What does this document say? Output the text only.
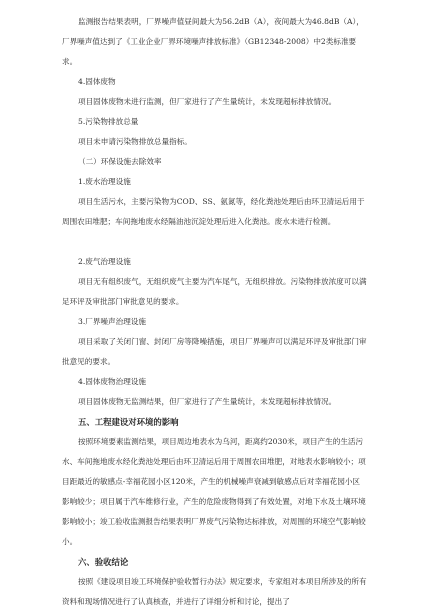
监测报告结果表明，厂界噪声值昼间最大为56.2dB（A），夜间最大为46.8dB（A），厂界噪声值达到了《工业企业厂界环境噪声排放标准》（GB12348-2008）中2类标准要求。

4.固体废物

项目固体废物未进行监测，但厂家进行了产生量统计，未发现超标排放情况。

5.污染物排放总量

项目未申请污染物排放总量指标。

（二）环保设施去除效率

1.废水治理设施

项目生活污水，主要污染物为COD、SS、氨氮等，经化粪池处理后由环卫清运后用于周围农田堆肥；车间拖地废水经隔油池沉淀处理后进入化粪池。废水未进行检测。

2.废气治理设施

项目无有组织废气，无组织废气主要为汽车尾气，无组织排放。污染物排放浓度可以满足环评及审批部门审批意见的要求。

3.厂界噪声治理设施

项目采取了关闭门窗、封闭厂房等降噪措施，项目厂界噪声可以满足环评及审批部门审批意见的要求。

4.固体废物治理设施

项目固体废物无监测结果，但厂家进行了产生量统计，未发现超标排放情况。

五、工程建设对环境的影响

按照环境要素监测结果，项目周边地表水为乌河，距离约2030米，项目产生的生活污水、车间拖地废水经化粪池处理后由环卫清运后用于周围农田堆肥，对地表水影响较小；项目距最近的敏感点-幸福花园小区120米，产生的机械噪声衰减到敏感点后对幸福花园小区影响较少；项目属于汽车维修行业，产生的危险废物得到了有效处置，对地下水及土壤环境影响较小；竣工验收监测报告结果表明厂界废气污染物达标排放，对周围的环境空气影响较小。

六、验收结论

按照《建设项目竣工环境保护验收暂行办法》规定要求，专家组对本项目所涉及的所有资料和现场情况进行了认真核查，并进行了详细分析和讨论，提出了
